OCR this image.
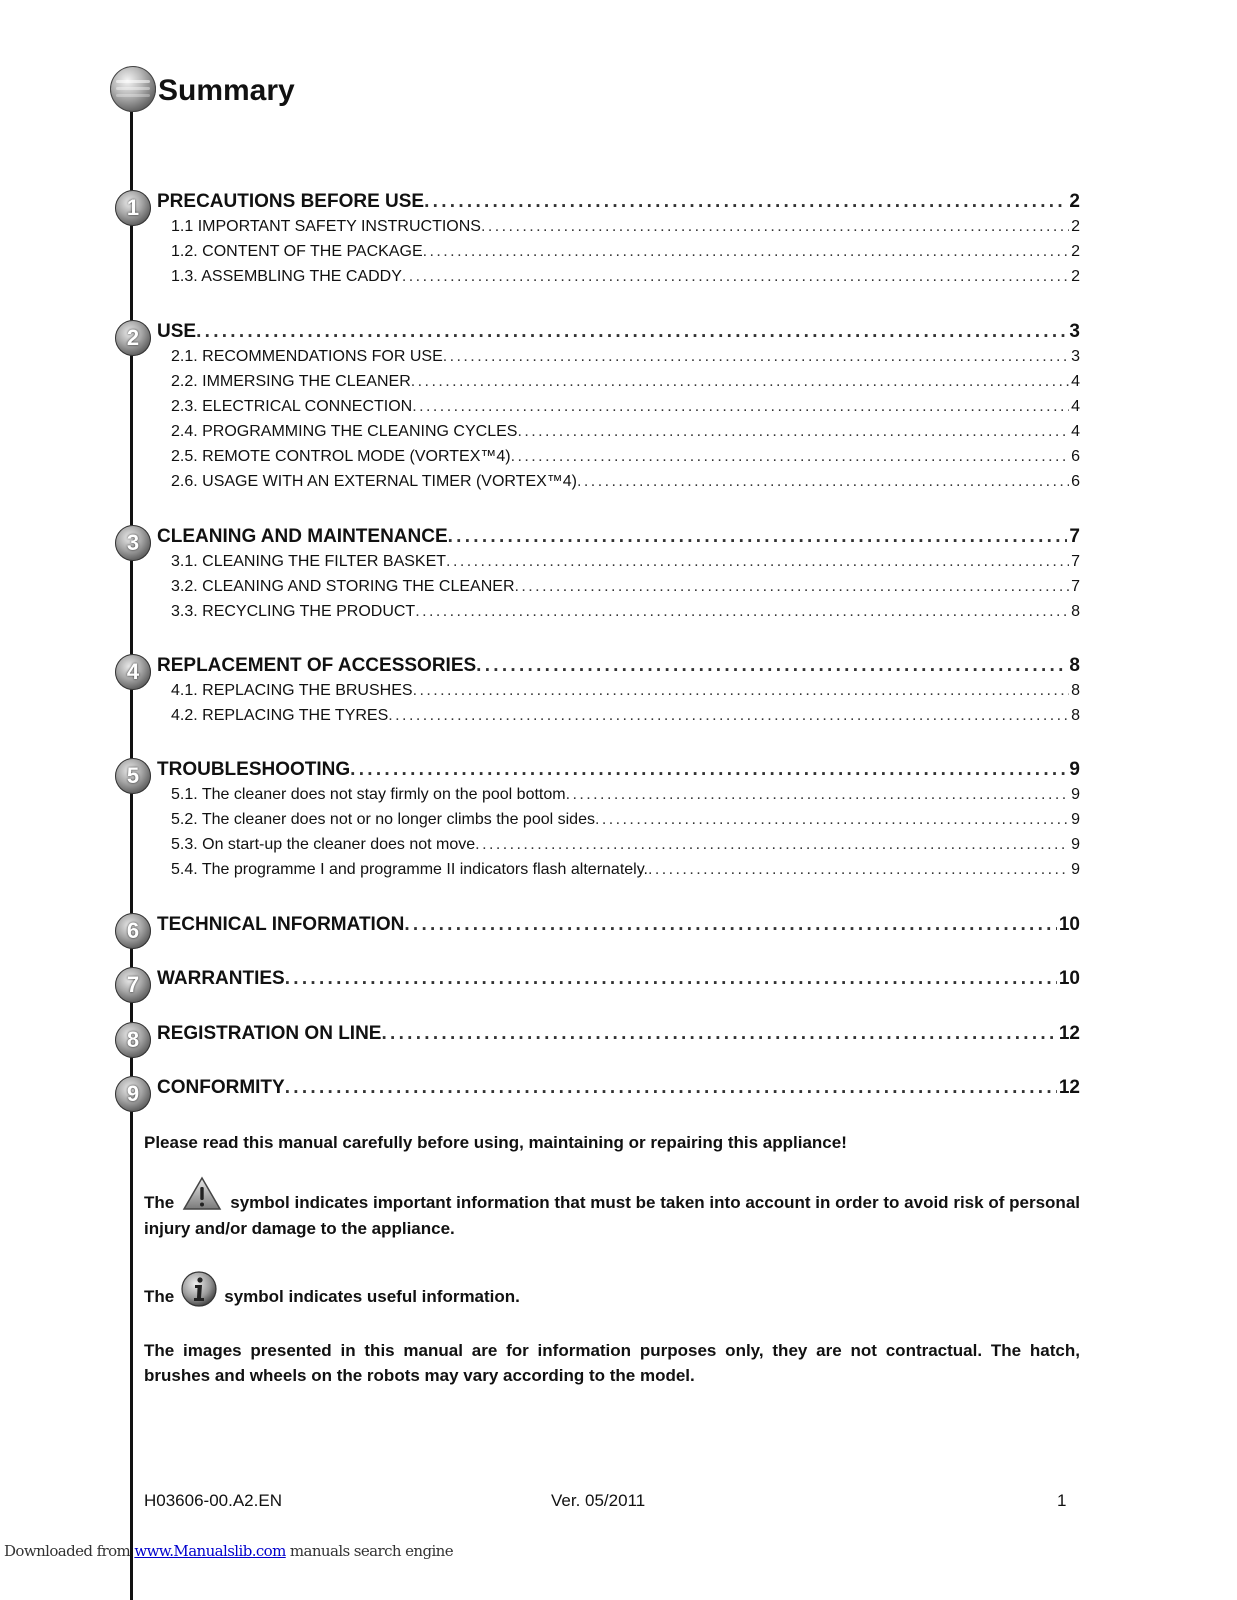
Summary
1 PRECAUTIONS BEFORE USE . . .	2
1.1 IMPORTANT SAFETY INSTRUCTIONS . . .	2
1.2. CONTENT OF THE PACKAGE . . .	2
1.3. ASSEMBLING THE CADDY . . .	2
2 USE . . .	3
2.1. RECOMMENDATIONS FOR USE . . .	3
2.2. IMMERSING THE CLEANER . . .	4
2.3. ELECTRICAL CONNECTION . . .	4
2.4. PROGRAMMING THE CLEANING CYCLES . . .	4
2.5. REMOTE CONTROL MODE (VORTEX™4) . . .	6
2.6. USAGE WITH AN EXTERNAL TIMER (VORTEX™4) . . .	6
3 CLEANING AND MAINTENANCE . . .	7
3.1. CLEANING THE FILTER BASKET . . .	7
3.2. CLEANING AND STORING THE CLEANER . . .	7
3.3. RECYCLING THE PRODUCT . . .	8
4 REPLACEMENT OF ACCESSORIES . . .	8
4.1. REPLACING THE BRUSHES . . .	8
4.2. REPLACING THE TYRES . . .	8
5 TROUBLESHOOTING . . .	9
5.1. The cleaner does not stay firmly on the pool bottom . . .	9
5.2. The cleaner does not or no longer climbs the pool sides . . .	9
5.3. On start-up the cleaner does not move . . .	9
5.4. The programme I and programme II indicators flash alternately. . . .	9
6 TECHNICAL INFORMATION . . .	10
7 WARRANTIES . . .	10
8 REGISTRATION ON LINE . . .	12
9 CONFORMITY . . .	12

Please read this manual carefully before using, maintaining or repairing this appliance!

The	symbol indicates important information that must be taken into account in order to avoid risk of personal injury and/or damage to the appliance.

The	symbol indicates useful information.

The images presented in this manual are for information purposes only, they are not contractual. The hatch, brushes and wheels on the robots may vary according to the model.

H03606-00.A2.EN	Ver. 05/2011	1
Downloaded from www.Manualslib.com manuals search engine
